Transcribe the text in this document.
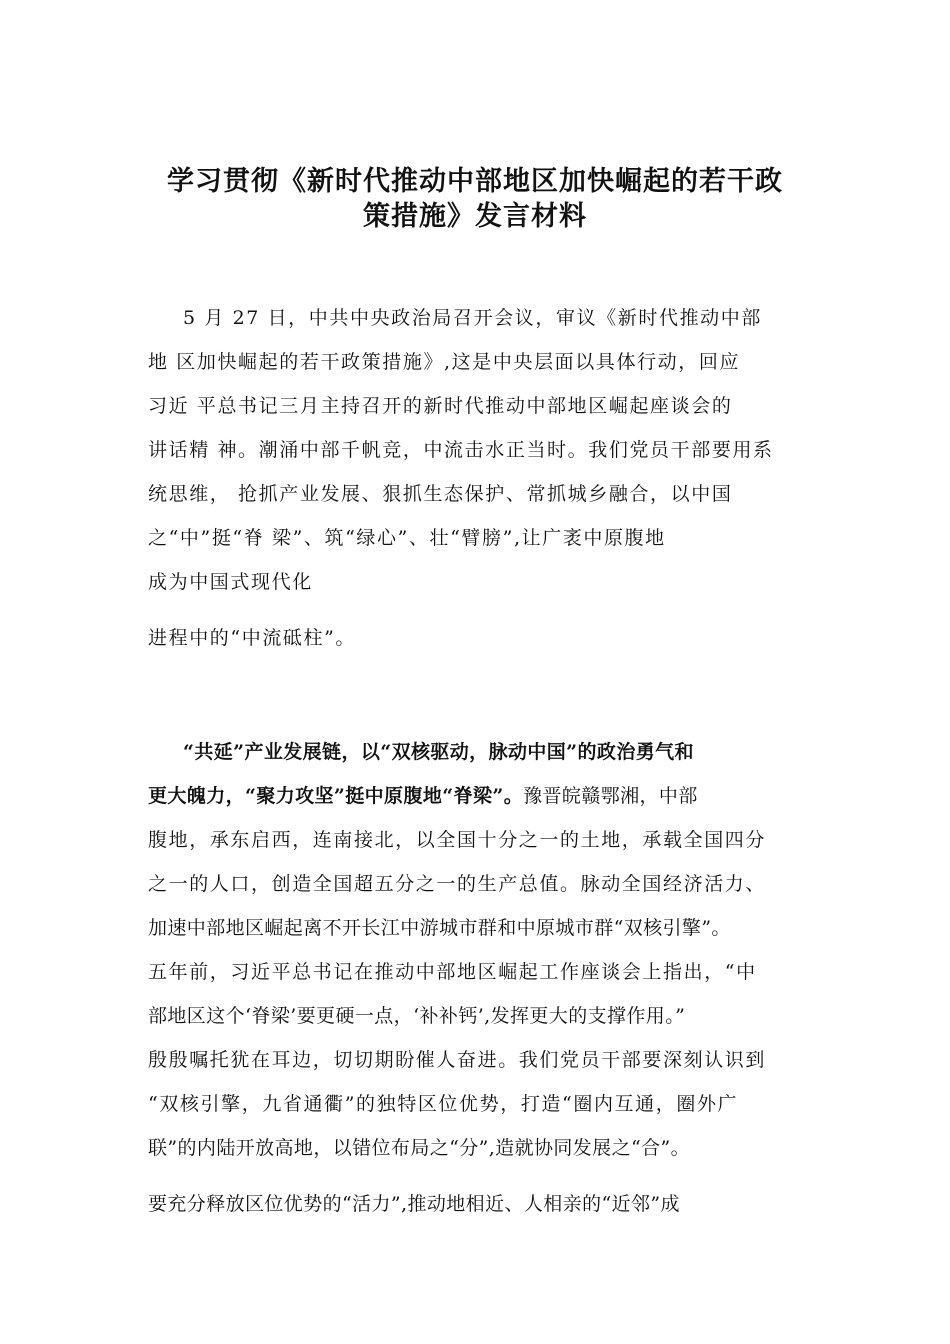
学习贯彻《新时代推动中部地区加快崛起的若干政
策措施》发言材料
5 月 27 日，中共中央政治局召开会议，审议《新时代推动中部
地 区加快崛起的若干政策措施》,这是中央层面以具体行动，回应
习近 平总书记三月主持召开的新时代推动中部地区崛起座谈会的
讲话精 神。潮涌中部千帆竞，中流击水正当时。我们党员干部要用系
统思维， 抢抓产业发展、狠抓生态保护、常抓城乡融合，以中国
之“中”挺“脊 梁”、筑“绿心”、壮“臂膀”,让广袤中原腹地
成为中国式现代化
进程中的“中流砥柱”。
“共延”产业发展链，以“双核驱动，脉动中国”的政治勇气和
更大魄力，“聚力攻坚”挺中原腹地“脊梁”。豫晋皖赣鄂湘，中部
腹地，承东启西，连南接北，以全国十分之一的土地，承载全国四分
之一的人口，创造全国超五分之一的生产总值。脉动全国经济活力、
加速中部地区崛起离不开长江中游城市群和中原城市群“双核引擎”。
五年前，习近平总书记在推动中部地区崛起工作座谈会上指出，“中
部地区这个‘脊梁’要更硬一点，‘补补钙’,发挥更大的支撑作用。”
殷殷嘱托犹在耳边，切切期盼催人奋进。我们党员干部要深刻认识到
“双核引擎，九省通衢”的独特区位优势，打造“圈内互通，圈外广
联”的内陆开放高地，以错位布局之“分”,造就协同发展之“合”。
要充分释放区位优势的“活力”,推动地相近、人相亲的“近邻”成
